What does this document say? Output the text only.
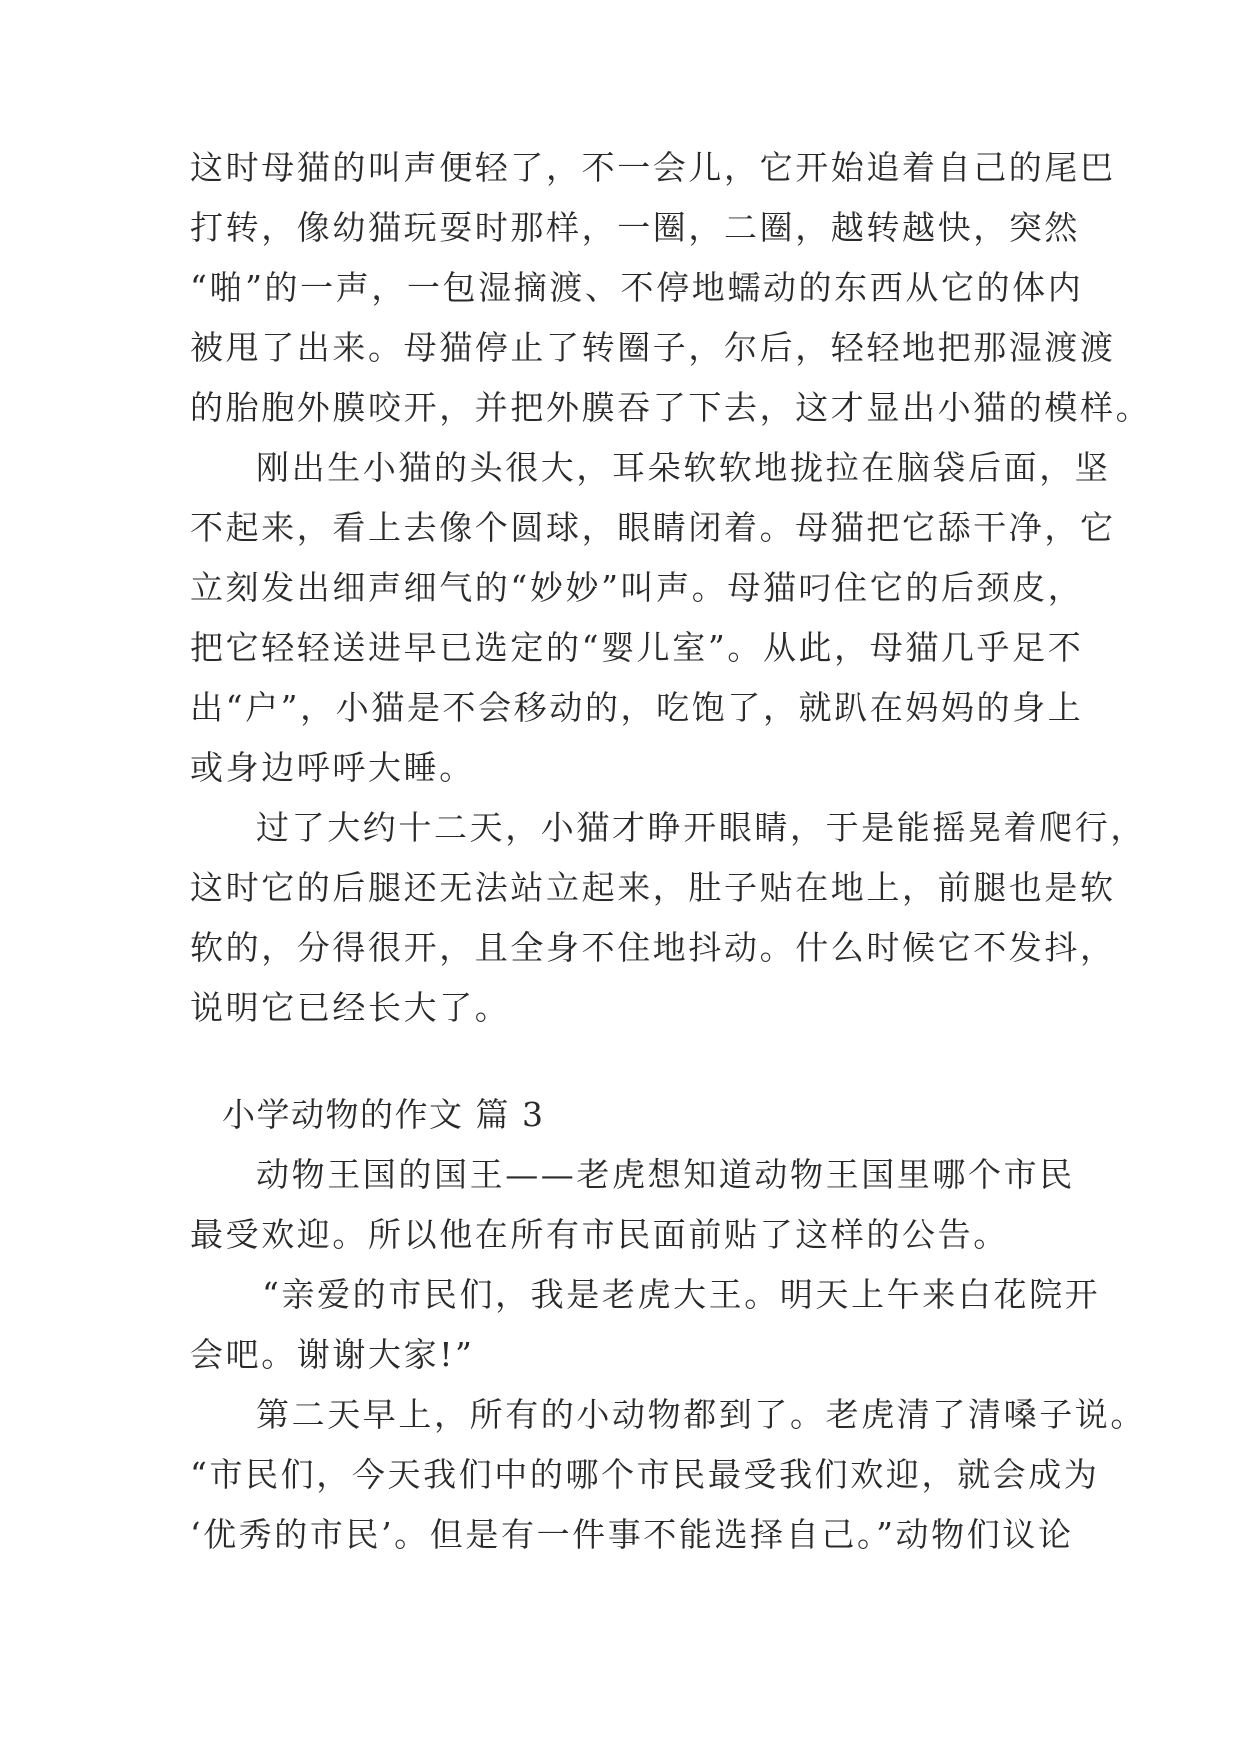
这时母猫的叫声便轻了，不一会儿，它开始追着自己的尾巴
打转，像幼猫玩耍时那样，一圈，二圈，越转越快，突然
“啪”的一声，一包湿摘渡、不停地蠕动的东西从它的体内
被甩了出来。母猫停止了转圈子，尔后，轻轻地把那湿渡渡
的胎胞外膜咬开，并把外膜吞了下去，这才显出小猫的模样。
刚出生小猫的头很大，耳朵软软地拢拉在脑袋后面，坚
不起来，看上去像个圆球，眼睛闭着。母猫把它舔干净，它
立刻发出细声细气的“妙妙”叫声。母猫叼住它的后颈皮，
把它轻轻送进早已选定的“婴儿室”。从此，母猫几乎足不
出“户”，小猫是不会移动的，吃饱了，就趴在妈妈的身上
或身边呼呼大睡。
过了大约十二天，小猫才睁开眼睛，于是能摇晃着爬行，
这时它的后腿还无法站立起来，肚子贴在地上，前腿也是软
软的，分得很开，且全身不住地抖动。什么时候它不发抖，
说明它已经长大了。
小学动物的作文 篇 3
动物王国的国王——老虎想知道动物王国里哪个市民
最受欢迎。所以他在所有市民面前贴了这样的公告。
“亲爱的市民们，我是老虎大王。明天上午来白花院开
会吧。谢谢大家!”
第二天早上，所有的小动物都到了。老虎清了清嗓子说。
“市民们，今天我们中的哪个市民最受我们欢迎，就会成为
‘优秀的市民’。但是有一件事不能选择自己。”动物们议论
